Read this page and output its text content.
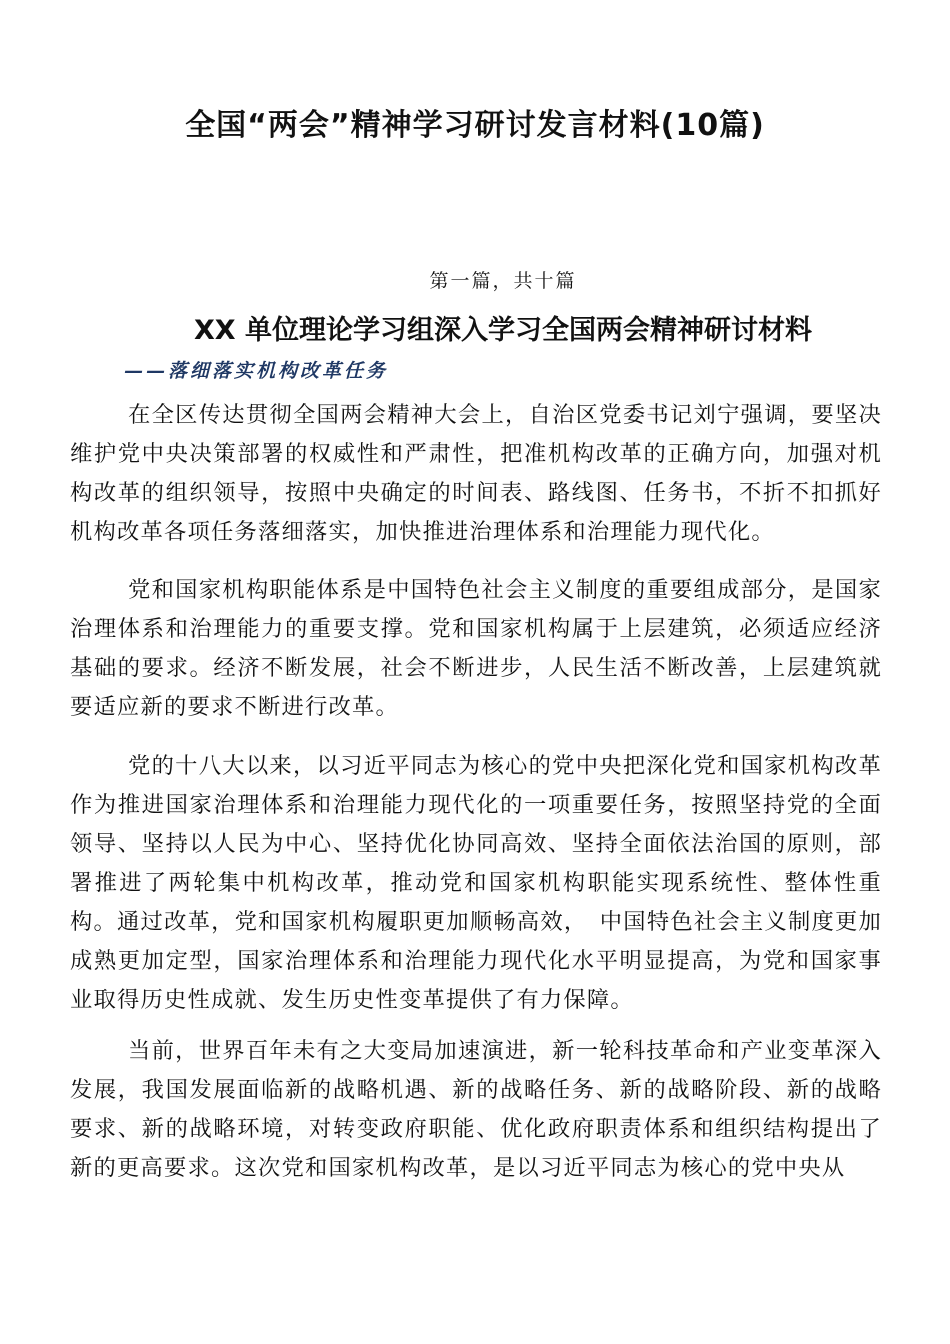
全国“两会”精神学习研讨发言材料(10篇)

第一篇，共十篇

XX 单位理论学习组深入学习全国两会精神研讨材料

——落细落实机构改革任务

在全区传达贯彻全国两会精神大会上，自治区党委书记刘宁强调，要坚决维护党中央决策部署的权威性和严肃性，把准机构改革的正确方向，加强对机构改革的组织领导，按照中央确定的时间表、路线图、任务书，不折不扣抓好机构改革各项任务落细落实，加快推进治理体系和治理能力现代化。

党和国家机构职能体系是中国特色社会主义制度的重要组成部分，是国家治理体系和治理能力的重要支撑。党和国家机构属于上层建筑，必须适应经济基础的要求。经济不断发展，社会不断进步，人民生活不断改善，上层建筑就要适应新的要求不断进行改革。

党的十八大以来，以习近平同志为核心的党中央把深化党和国家机构改革作为推进国家治理体系和治理能力现代化的一项重要任务，按照坚持党的全面领导、坚持以人民为中心、坚持优化协同高效、坚持全面依法治国的原则，部署推进了两轮集中机构改革，推动党和国家机构职能实现系统性、整体性重构。通过改革，党和国家机构履职更加顺畅高效，　中国特色社会主义制度更加成熟更加定型，国家治理体系和治理能力现代化水平明显提高，为党和国家事业取得历史性成就、发生历史性变革提供了有力保障。

当前，世界百年未有之大变局加速演进，新一轮科技革命和产业变革深入发展，我国发展面临新的战略机遇、新的战略任务、新的战略阶段、新的战略要求、新的战略环境，对转变政府职能、优化政府职责体系和组织结构提出了新的更高要求。这次党和国家机构改革，是以习近平同志为核心的党中央从
